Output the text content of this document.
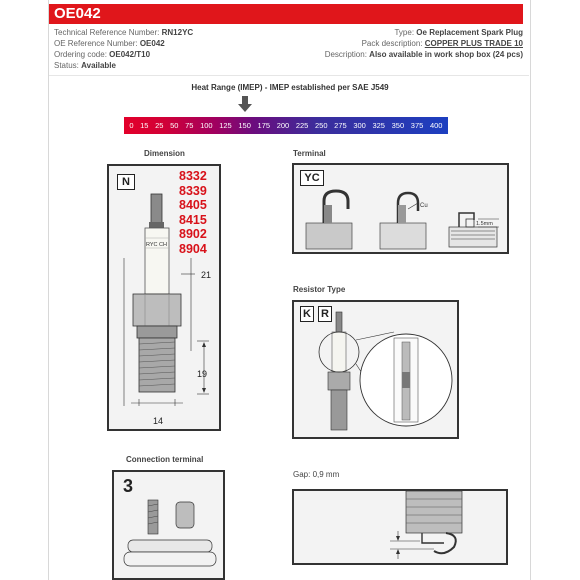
OE042
Technical Reference Number: RN12YC
OE Reference Number: OE042
Ordering code: OE042/T10
Status: Available
Type: Oe Replacement Spark Plug
Pack description: COPPER PLUS TRADE 10
Description: Also available in work shop box (24 pcs)
Heat Range (IMEP) - IMEP established per SAE J549
0 15 25 50 75 100 125 150 175 200 225 250 275 300 325 350 375 400
Dimension
N	8332
8339
8405
8415
8902
8904
RYC CH
21
19
14
Terminal
YC
Cu
1.5mm
Resistor Type
K R
Connection terminal
3
Gap: 0,9 mm
